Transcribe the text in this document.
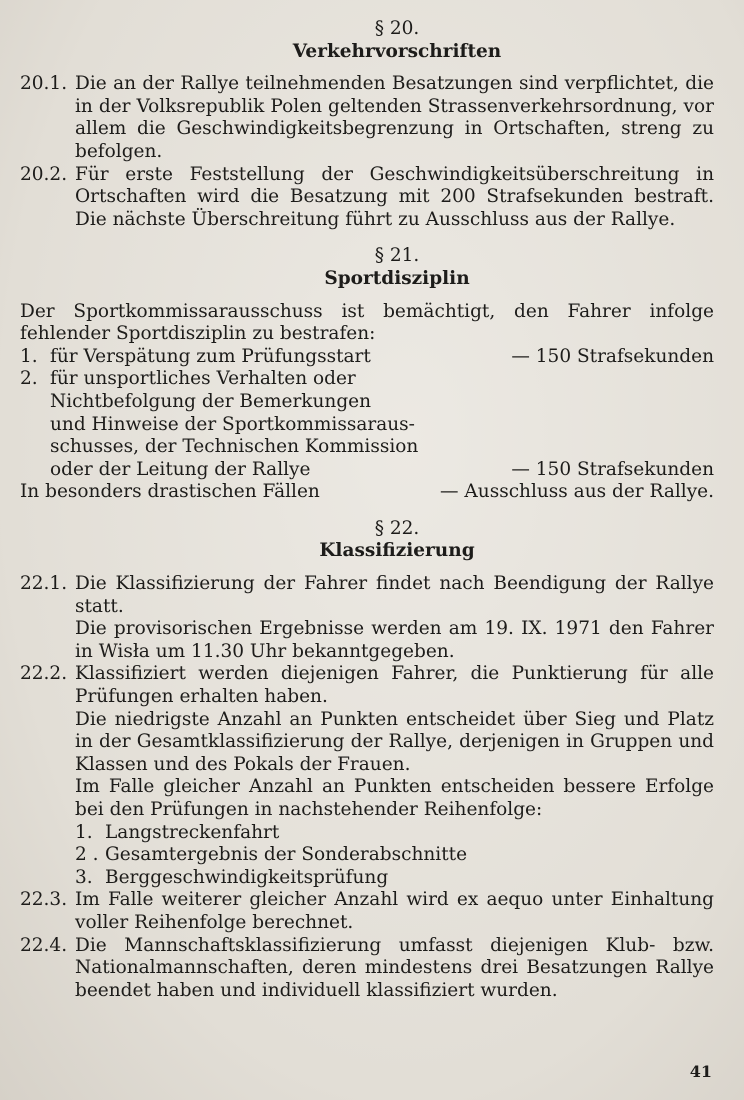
§ 20.
Verkehrvorschriften
20.1. Die an der Rallye teilnehmenden Besatzungen sind verpflichtet, die in der Volksrepublik Polen geltenden Strassenverkehrsordnung, vor allem die Geschwindigkeitsbegrenzung in Ortschaften, streng zu befolgen.
20.2. Für erste Feststellung der Geschwindigkeitsüberschreitung in Ortschaften wird die Besatzung mit 200 Strafsekunden bestraft. Die nächste Überschreitung führt zu Ausschluss aus der Rallye.
§ 21.
Sportdisziplin
Der Sportkommissarausschuss ist bemächtigt, den Fahrer infolge fehlender Sportdisziplin zu bestrafen:
1. für Verspätung zum Prüfungsstart	— 150 Strafsekunden
2. für unsportliches Verhalten oder
Nichtbefolgung der Bemerkungen
und Hinweise der Sportkommissaraus-
schusses, der Technischen Kommission
oder der Leitung der Rallye	— 150 Strafsekunden
In besonders drastischen Fällen	— Ausschluss aus der Rallye.
§ 22.
Klassifizierung
22.1. Die Klassifizierung der Fahrer findet nach Beendigung der Rallye statt.
Die provisorischen Ergebnisse werden am 19. IX. 1971 den Fahrer in Wisła um 11.30 Uhr bekanntgegeben.
22.2. Klassifiziert werden diejenigen Fahrer, die Punktierung für alle Prüfungen erhalten haben.
Die niedrigste Anzahl an Punkten entscheidet über Sieg und Platz in der Gesamtklassifizierung der Rallye, derjenigen in Gruppen und Klassen und des Pokals der Frauen.
Im Falle gleicher Anzahl an Punkten entscheiden bessere Erfolge bei den Prüfungen in nachstehender Reihenfolge:
1. Langstreckenfahrt
2 . Gesamtergebnis der Sonderabschnitte
3. Berggeschwindigkeitsprüfung
22.3. Im Falle weiterer gleicher Anzahl wird ex aequo unter Einhaltung voller Reihenfolge berechnet.
22.4. Die Mannschaftsklassifizierung umfasst diejenigen Klub- bzw. Nationalmannschaften, deren mindestens drei Besatzungen Rallye beendet haben und individuell klassifiziert wurden.
41
